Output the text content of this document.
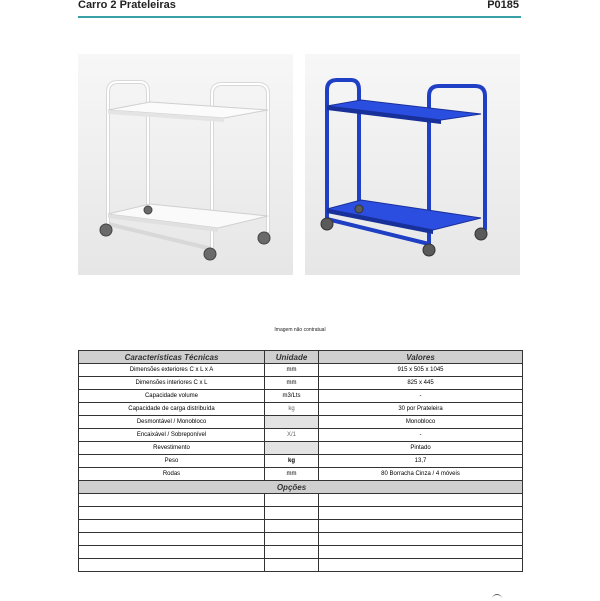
Carro 2 Prateleiras	P0185
Imagem não contratual
Características Técnicas	Unidade	Valores
Dimensões exteriores C x L x A	mm	915 x 505 x 1045
Dimensões interiores C x L	mm	825 x 445
Capacidade volume	m3/Lts	-
Capacidade de carga distribuída	kg	30 por Prateleira
Desmontável / Monobloco		Monobloco
Encaixável / Sobreponível	X/1	-
Revestimento		Pintado
Peso	kg	13,7
Rodas	mm	80 Borracha Cinza / 4 móveis
	Opções	
